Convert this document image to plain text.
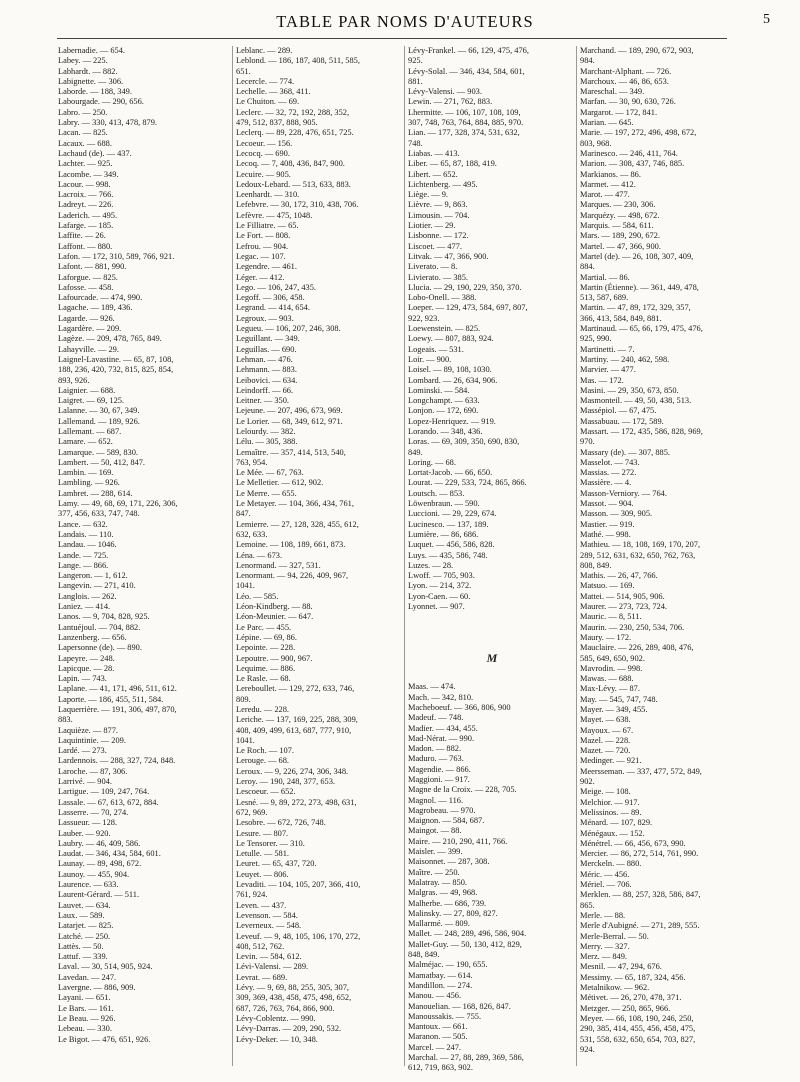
TABLE PAR NOMS D'AUTEURS	5
Labernadie. — 654.
Labey. — 225.
Labhardt. — 882.
Labignette. — 306.
Laborde. — 188, 349.
Labourgade. — 290, 656.
Labro. — 250.
Labry. — 330, 413, 478, 879.
Lacan. — 825.
Lacaux. — 688.
Lachaud (de). — 437.
Lachter. — 925.
Lacombe. — 349.
Lacour. — 998.
Lacroix. — 766.
Ladreyt. — 226.
Laderich. — 495.
Lafarge. — 185.
Laffite. — 26.
Laffont. — 880.
Lafon. — 172, 310, 589, 766, 921.
Lafont. — 881, 990.
Laforgue. — 825.
Lafosse. — 458.
Lafourcade. — 474, 990.
Lagache. — 189, 436.
Lagarde. — 926.
Lagardère. — 209.
Lagèze. — 209, 478, 765, 849.
Lahayville. — 29.
Laignel-Lavastine. — 65, 87, 108,
188, 236, 420, 732, 815, 825, 854,
893, 926.
Laignier. — 688.
Laigret. — 69, 125.
Lalanne. — 30, 67, 349.
Lallemand. — 189, 926.
Lallemant. — 687.
Lamare. — 652.
Lamarque. — 589, 830.
Lambert. — 50, 412, 847.
Lambin. — 169.
Lambling. — 926.
Lambret. — 288, 614.
Lamy. — 49, 68, 69, 171, 226, 306,
377, 456, 633, 747, 748.
Lance. — 632.
Landais. — 110.
Landau. — 1046.
Lande. — 725.
Lange. — 866.
Langeron. — 1, 612.
Langevin. — 271, 410.
Langlois. — 262.
Laniez. — 414.
Lanos. — 9, 704, 828, 925.
Lantuéjoul. — 704, 882.
Lanzenberg. — 656.
Lapersonne (de). — 890.
Lapeyre. — 248.
Lapicque. — 28.
Lapin. — 743.
Laplane. — 41, 171, 496, 511, 612.
Laporte. — 186, 455, 511, 584.
Laquerrière. — 191, 306, 497, 870,
883.
Laquièze. — 877.
Laquintinie. — 209.
Lardé. — 273.
Lardennois. — 288, 327, 724, 848.
Laroche. — 87, 306.
Larrivé. — 904.
Lartigue. — 109, 247, 764.
Lassale. — 67, 613, 672, 884.
Lasserre. — 70, 274.
Lassueur. — 128.
Lauber. — 920.
Laubry. — 46, 409, 586.
Laudat. — 346, 434, 584, 601.
Launay. — 89, 498, 672.
Launoy. — 455, 904.
Laurence. — 633.
Laurent-Gérard. — 511.
Lauvet. — 634.
Laux. — 589.
Latarjet. — 825.
Latché. — 250.
Lattès. — 50.
Lattuf. — 339.
Laval. — 30, 514, 905, 924.
Lavedan. — 247.
Lavergne. — 886, 909.
Layani. — 651.
Le Bars. — 161.
Le Beau. — 926.
Lebeau. — 330.
Le Bigot. — 476, 651, 926.
Leblanc. — 289.
Leblond. — 186, 187, 408, 511, 585,
651.
Lecercle. — 774.
Lechelle. — 368, 411.
Le Chuiton. — 69.
Leclerc. — 32, 72, 192, 288, 352,
479, 512, 837, 888, 905.
Leclerq. — 89, 228, 476, 651, 725.
Lecoeur. — 156.
Lecocq. — 690.
Lecoq. — 7, 408, 436, 847, 900.
Lecuire. — 905.
Ledoux-Lebard. — 513, 633, 883.
Leenhardt. — 310.
Lefebvre. — 30, 172, 310, 438, 706.
Lefèvre. — 475, 1048.
Le Filliatre. — 65.
Le Fort. — 808.
Lefrou. — 904.
Legac. — 107.
Legendre. — 461.
Léger. — 412.
Lego. — 106, 247, 435.
Legoff. — 306, 458.
Legrand. — 414, 654.
Legroux. — 903.
Legueu. — 106, 207, 246, 308.
Leguillant. — 349.
Leguillas. — 690.
Lehman. — 476.
Lehmann. — 883.
Leibovici. — 634.
Leindorff. — 66.
Leitner. — 350.
Lejeune. — 207, 496, 673, 969.
Le Lorier. — 68, 349, 612, 971.
Lelourdy. — 382.
Lélu. — 305, 388.
Lemaître. — 357, 414, 513, 540,
763, 954.
Le Mée. — 67, 763.
Le Melletier. — 612, 902.
Le Merre. — 655.
Le Metayer. — 104, 366, 434, 761,
847.
Lemierre. — 27, 128, 328, 455, 612,
632, 633.
Lemoine. — 108, 189, 661, 873.
Léna. — 673.
Lenormand. — 327, 531.
Lenormant. — 94, 226, 409, 967,
1041.
Léo. — 585.
Léon-Kindberg. — 88.
Léon-Meunier. — 647.
Le Parc. — 455.
Lépine. — 69, 86.
Lepointe. — 228.
Lepoutre. — 900, 967.
Lequime. — 886.
Le Rasle. — 68.
Lereboullet. — 129, 272, 633, 746,
809.
Leredu. — 228.
Leriche. — 137, 169, 225, 288, 309,
408, 409, 499, 613, 687, 777, 910,
1041.
Le Roch. — 107.
Lerouge. — 68.
Leroux. — 9, 226, 274, 306, 348.
Leroy. — 190, 248, 377, 653.
Lescoeur. — 652.
Lesné. — 9, 89, 272, 273, 498, 631,
672, 969.
Lesobre. — 672, 726, 748.
Lesure. — 807.
Le Tensorer. — 310.
Letulle. — 581.
Leuret. — 65, 437, 720.
Leuyet. — 806.
Levaditi. — 104, 105, 207, 366, 410,
761, 924.
Leven. — 437.
Levenson. — 584.
Leverneux. — 548.
Leveuf. — 9, 48, 105, 106, 170, 272,
408, 512, 762.
Levin. — 584, 612.
Lévi-Valensi. — 289.
Levrat. — 689.
Lévy. — 9, 69, 88, 255, 305, 307,
309, 369, 438, 458, 475, 498, 652,
687, 726, 763, 764, 866, 900.
Lévy-Coblentz. — 990.
Lévy-Darras. — 209, 290, 532.
Lévy-Deker. — 10, 348.
Lévy-Frankel. — 66, 129, 475, 476,
925.
Lévy-Solal. — 346, 434, 584, 601,
881.
Lévy-Valensi. — 903.
Lewin. — 271, 762, 883.
Lhermitte. — 106, 107, 108, 109,
307, 748, 763, 764, 884, 885, 970.
Lian. — 177, 328, 374, 531, 632,
748.
Liabas. — 413.
Liber. — 65, 87, 188, 419.
Libert. — 652.
Lichtenberg. — 495.
Liège. — 9.
Lièvre. — 9, 863.
Limousin. — 704.
Liotier. — 29.
Lisbonne. — 172.
Liscoet. — 477.
Litvak. — 47, 366, 900.
Liverato. — 8.
Livierato. — 385.
Llucia. — 29, 190, 229, 350, 370.
Lobo-Onell. — 388.
Loeper. — 129, 473, 584, 697, 807,
922, 923.
Loewenstein. — 825.
Loewy. — 807, 883, 924.
Logeais. — 531.
Loir. — 900.
Loisel. — 89, 108, 1030.
Lombard. — 26, 634, 906.
Lominski. — 584.
Longchampt. — 633.
Lonjon. — 172, 690.
Lopez-Henriquez. — 919.
Lorando. — 348, 436.
Loras. — 69, 309, 350, 690, 830,
849.
Loring. — 68.
Lortat-Jacob. — 66, 650.
Lourat. — 229, 533, 724, 865, 866.
Loutsch. — 853.
Löwenbraun. — 590.
Luccioni. — 29, 229, 674.
Lucinesco. — 137, 189.
Lumière. — 86, 686.
Luquet. — 456, 586, 828.
Luys. — 435, 586, 748.
Luzes. — 28.
Lwoff. — 705, 903.
Lyon. — 214, 372.
Lyon-Caen. — 60.
Lyonnet. — 907.
M
Maas. — 474.
Mach. — 342, 810.
Macheboeuf. — 366, 806, 900
Madeuf. — 748.
Madier. — 434, 455.
Mad-Nérat. — 990.
Madon. — 882.
Maduro. — 763.
Magendie. — 866.
Maggioni. — 917.
Magne de la Croix. — 228, 705.
Magnol. — 116.
Magrobeau. — 970.
Maignon. — 584, 687.
Maingot. — 88.
Maire. — 210, 290, 411, 766.
Maisler. — 399.
Maisonnet. — 287, 308.
Maître. — 250.
Malatray. — 850.
Malgras. — 49, 968.
Malherbe. — 686, 739.
Malinsky. — 27, 809, 827.
Mallarmé. — 809.
Mallet. — 248, 289, 496, 586, 904.
Mallet-Guy. — 50, 130, 412, 829,
848, 849.
Malméjac. — 190, 655.
Mamatbay. — 614.
Mandillon. — 274.
Manou. — 456.
Manouelian. — 168, 826, 847.
Manoussakis. — 755.
Mantoux. — 661.
Maranon. — 505.
Marcel. — 247.
Marchal. — 27, 88, 289, 369, 586,
612, 719, 863, 902.
Marchand. — 189, 290, 672, 903,
984.
Marchant-Alphant. — 726.
Marchoux. — 46, 86, 653.
Mareschal. — 349.
Marfan. — 30, 90, 630, 726.
Margarot. — 172, 841.
Marian. — 645.
Marie. — 197, 272, 496, 498, 672,
803, 968.
Marinesco. — 246, 411, 764.
Marion. — 308, 437, 746, 885.
Markianos. — 86.
Marmet. — 412.
Marot. — 477.
Marques. — 230, 306.
Marquézy. — 498, 672.
Marquis. — 584, 611.
Mars. — 189, 290, 672.
Martel. — 47, 366, 900.
Martel (de). — 26, 108, 307, 409,
884.
Martial. — 86.
Martin (Étienne). — 361, 449, 478,
513, 587, 689.
Martin. — 47, 89, 172, 329, 357,
366, 413, 584, 849, 881.
Martinaud. — 65, 66, 179, 475, 476,
925, 990.
Martinetti. — 7.
Martiny. — 240, 462, 598.
Marvier. — 477.
Mas. — 172.
Masini. — 29, 350, 673, 850.
Masmonteil. — 49, 50, 438, 513.
Massépiol. — 67, 475.
Massabuau. — 172, 589.
Massart. — 172, 435, 586, 828, 969,
970.
Massary (de). — 307, 885.
Masselot. — 743.
Massias. — 272.
Massière. — 4.
Masson-Verniory. — 764.
Massot. — 904.
Masson. — 309, 905.
Mastier. — 919.
Mathé. — 998.
Mathieu. — 18, 108, 169, 170, 207,
289, 512, 631, 632, 650, 762, 763,
808, 849.
Mathis. — 26, 47, 766.
Matsuo. — 169.
Mattei. — 514, 905, 906.
Maurer. — 273, 723, 724.
Mauric. — 8, 511.
Maurin. — 230, 250, 534, 706.
Maury. — 172.
Mauclaire. — 226, 289, 408, 476,
585, 649, 650, 902.
Mavrodin. — 998.
Mawas. — 688.
Max-Lévy. — 87.
May. — 545, 747, 748.
Mayer. — 349, 455.
Mayet. — 638.
Mayoux. — 67.
Mazel. — 228.
Mazet. — 720.
Medinger. — 921.
Meersseman. — 337, 477, 572, 849,
902.
Meige. — 108.
Melchior. — 917.
Melissinos. — 89.
Ménard. — 107, 829.
Ménégaux. — 152.
Ménétrel. — 66, 456, 673, 990.
Mercier. — 86, 272, 514, 761, 990.
Merckeln. — 880.
Méric. — 456.
Mériel. — 706.
Merklen. — 88, 257, 328, 586, 847,
865.
Merle. — 88.
Merle d'Aubigné. — 271, 289, 555.
Merle-Berral. — 50.
Merry. — 327.
Merz. — 849.
Mesnil. — 47, 294, 676.
Messimy. — 65, 187, 324, 456.
Metalnikow. — 962.
Métivet. — 26, 270, 478, 371.
Metzger. — 250, 865, 966.
Meyer. — 66, 108, 190, 246, 250,
290, 385, 414, 455, 456, 458, 475,
531, 558, 632, 650, 654, 703, 827,
924.
